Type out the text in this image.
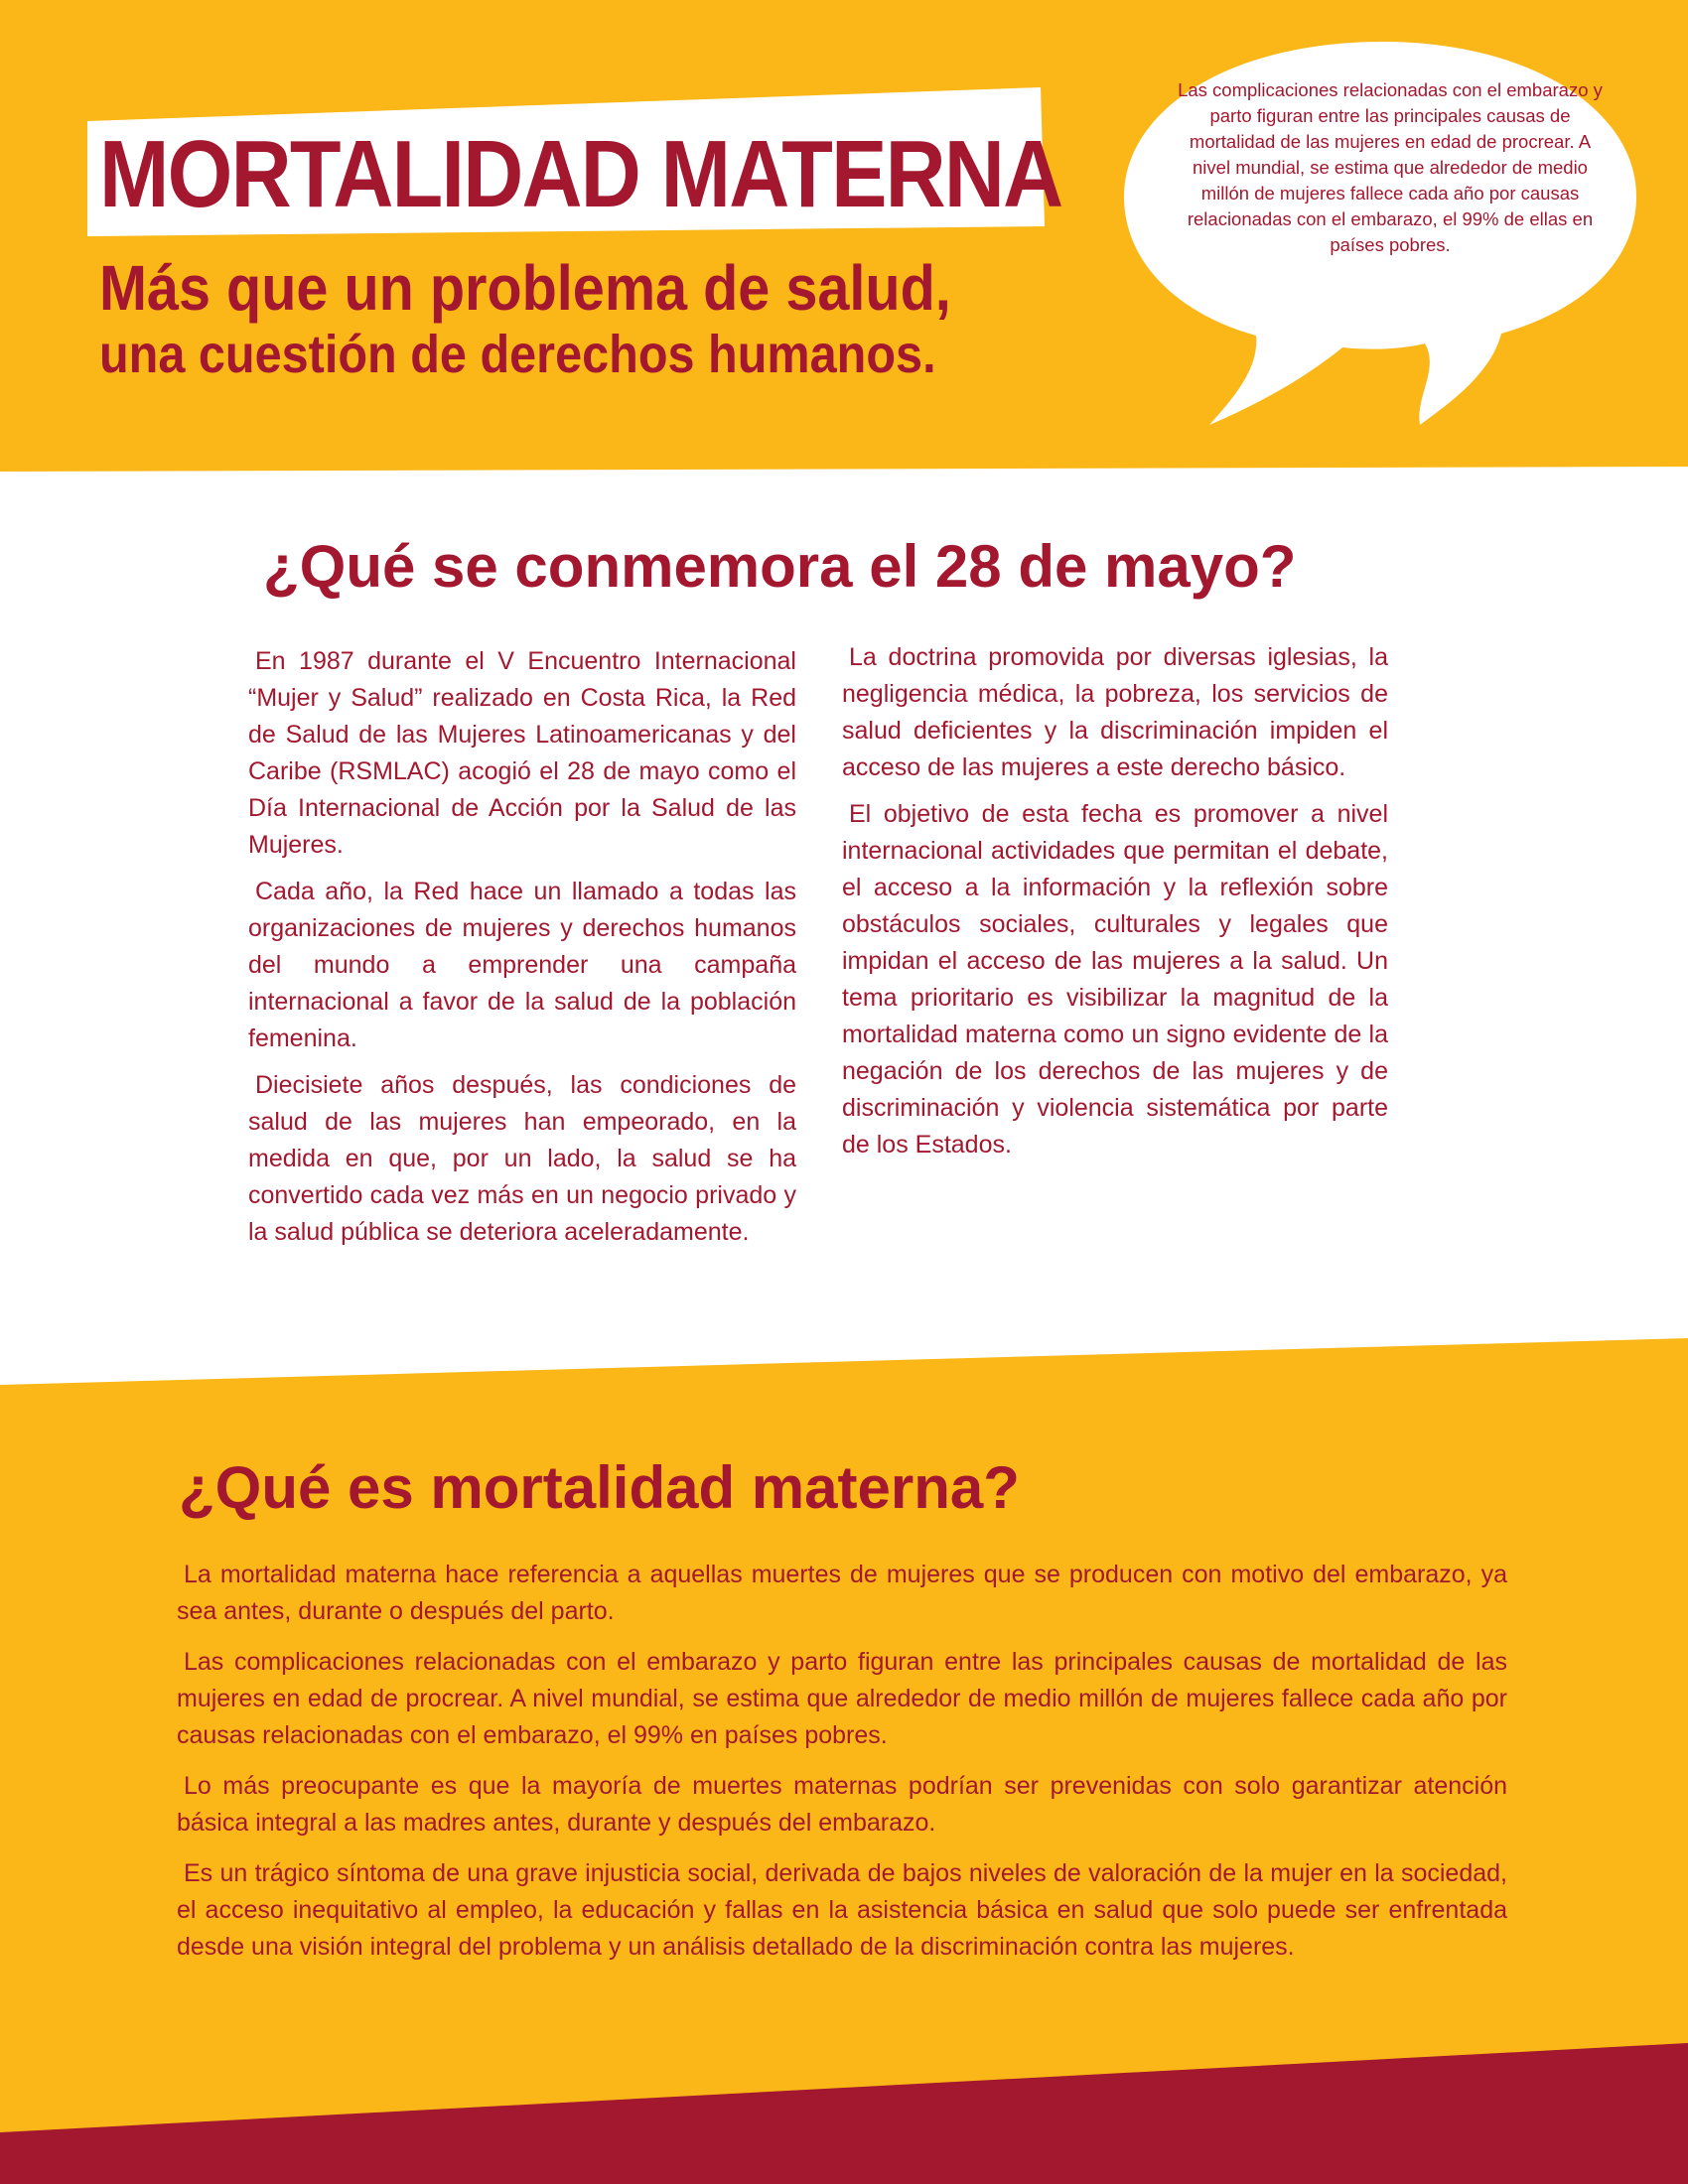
MORTALIDAD MATERNA
Más que un problema de salud,
una cuestión de derechos humanos.

Las complicaciones relacionadas con el embarazo y parto figuran entre las principales causas de mortalidad de las mujeres en edad de procrear. A nivel mundial, se estima que alrededor de medio millón de mujeres fallece cada año por causas relacionadas con el embarazo, el 99% de ellas en países pobres.

¿Qué se conmemora el 28 de mayo?

En 1987 durante el V Encuentro Internacional “Mujer y Salud” realizado en Costa Rica, la Red de Salud de las Mujeres Latinoamericanas y del Caribe (RSMLAC) acogió el 28 de mayo como el Día Internacional de Acción por la Salud de las Mujeres.

Cada año, la Red hace un llamado a todas las organizaciones de mujeres y derechos humanos del mundo a emprender una campaña internacional a favor de la salud de la población femenina.

Diecisiete años después, las condiciones de salud de las mujeres han empeorado, en la medida en que, por un lado, la salud se ha convertido cada vez más en un negocio privado y la salud pública se deteriora aceleradamente.

La doctrina promovida por diversas iglesias, la negligencia médica, la pobreza, los servicios de salud deficientes y la discriminación impiden el acceso de las mujeres a este derecho básico.

El objetivo de esta fecha es promover a nivel internacional actividades que permitan el debate, el acceso a la información y la reflexión sobre obstáculos sociales, culturales y legales que impidan el acceso de las mujeres a la salud. Un tema prioritario es visibilizar la magnitud de la mortalidad materna como un signo evidente de la negación de los derechos de las mujeres y de discriminación y violencia sistemática por parte de los Estados.

¿Qué es mortalidad materna?

La mortalidad materna hace referencia a aquellas muertes de mujeres que se producen con motivo del embarazo, ya sea antes, durante o después del parto.

Las complicaciones relacionadas con el embarazo y parto figuran entre las principales causas de mortalidad de las mujeres en edad de procrear. A nivel mundial, se estima que alrededor de medio millón de mujeres fallece cada año por causas relacionadas con el embarazo, el 99% en países pobres.

Lo más preocupante es que la mayoría de muertes maternas podrían ser prevenidas con solo garantizar atención básica integral a las madres antes, durante y después del embarazo.

Es un trágico síntoma de una grave injusticia social, derivada de bajos niveles de valoración de la mujer en la sociedad, el acceso inequitativo al empleo, la educación y fallas en la asistencia básica en salud que solo puede ser enfrentada desde una visión integral del problema y un análisis detallado de la discriminación contra las mujeres.
